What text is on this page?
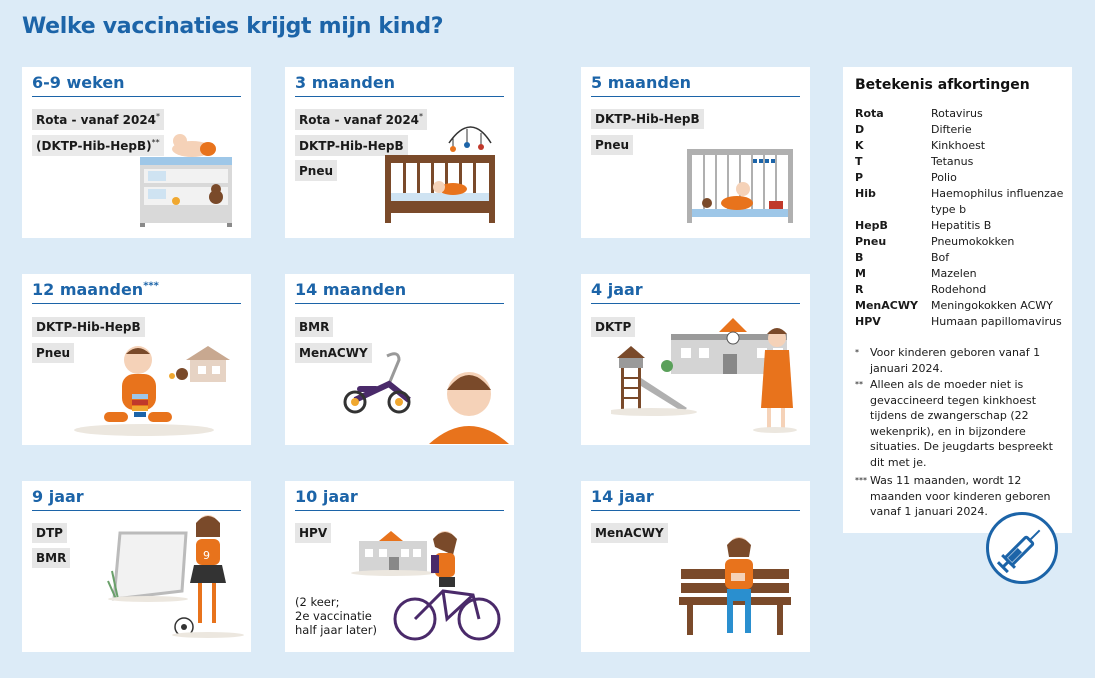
Welke vaccinaties krijgt mijn kind?
6-9 weken
Rota - vanaf 2024*
(DKTP-Hib-HepB)**
3 maanden
Rota - vanaf 2024*
DKTP-Hib-HepB
Pneu
5 maanden
DKTP-Hib-HepB
Pneu
12 maanden***
DKTP-Hib-HepB
Pneu
14 maanden
BMR
MenACWY
4 jaar
DKTP
9 jaar
DTP
BMR	9
10 jaar
HPV
(2 keer;
2e vaccinatie
half jaar later)
14 jaar
MenACWY
Betekenis afkortingen
Rota	Rotavirus
D	Difterie
K	Kinkhoest
T	Tetanus
P	Polio
Hib	Haemophilus influenzae type b
HepB	Hepatitis B
Pneu	Pneumokokken
B	Bof
M	Mazelen
R	Rodehond
MenACWY Meningokokken ACWY
HPV	Humaan papillomavirus
* Voor kinderen geboren vanaf 1 januari 2024.
** Alleen als de moeder niet is gevaccineerd tegen kinkhoest tijdens de zwangerschap (22 wekenprik), en in bijzondere situaties. De jeugdarts bespreekt dit met je.
*** Was 11 maanden, wordt 12 maanden voor kinderen geboren vanaf 1 januari 2024.
